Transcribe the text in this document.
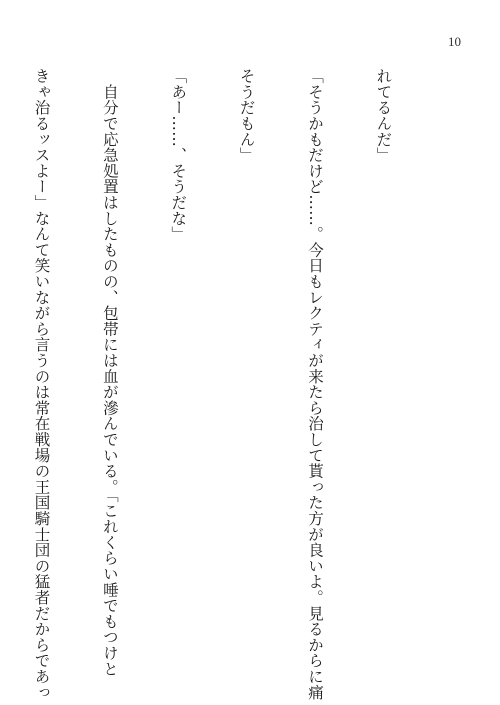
10

れてるんだ」

「そうかもだけど……。今日もレクティが来たら治して貰った方が良いよ。見るからに痛

そうだもん」

「あー……、そうだな」

　自分で応急処置はしたものの、包帯には血が滲んでいる。「これくらい唾でもつけと

きゃ治るッスよー」なんて笑いながら言うのは常在戦場の王国騎士団の猛者だからであっ
